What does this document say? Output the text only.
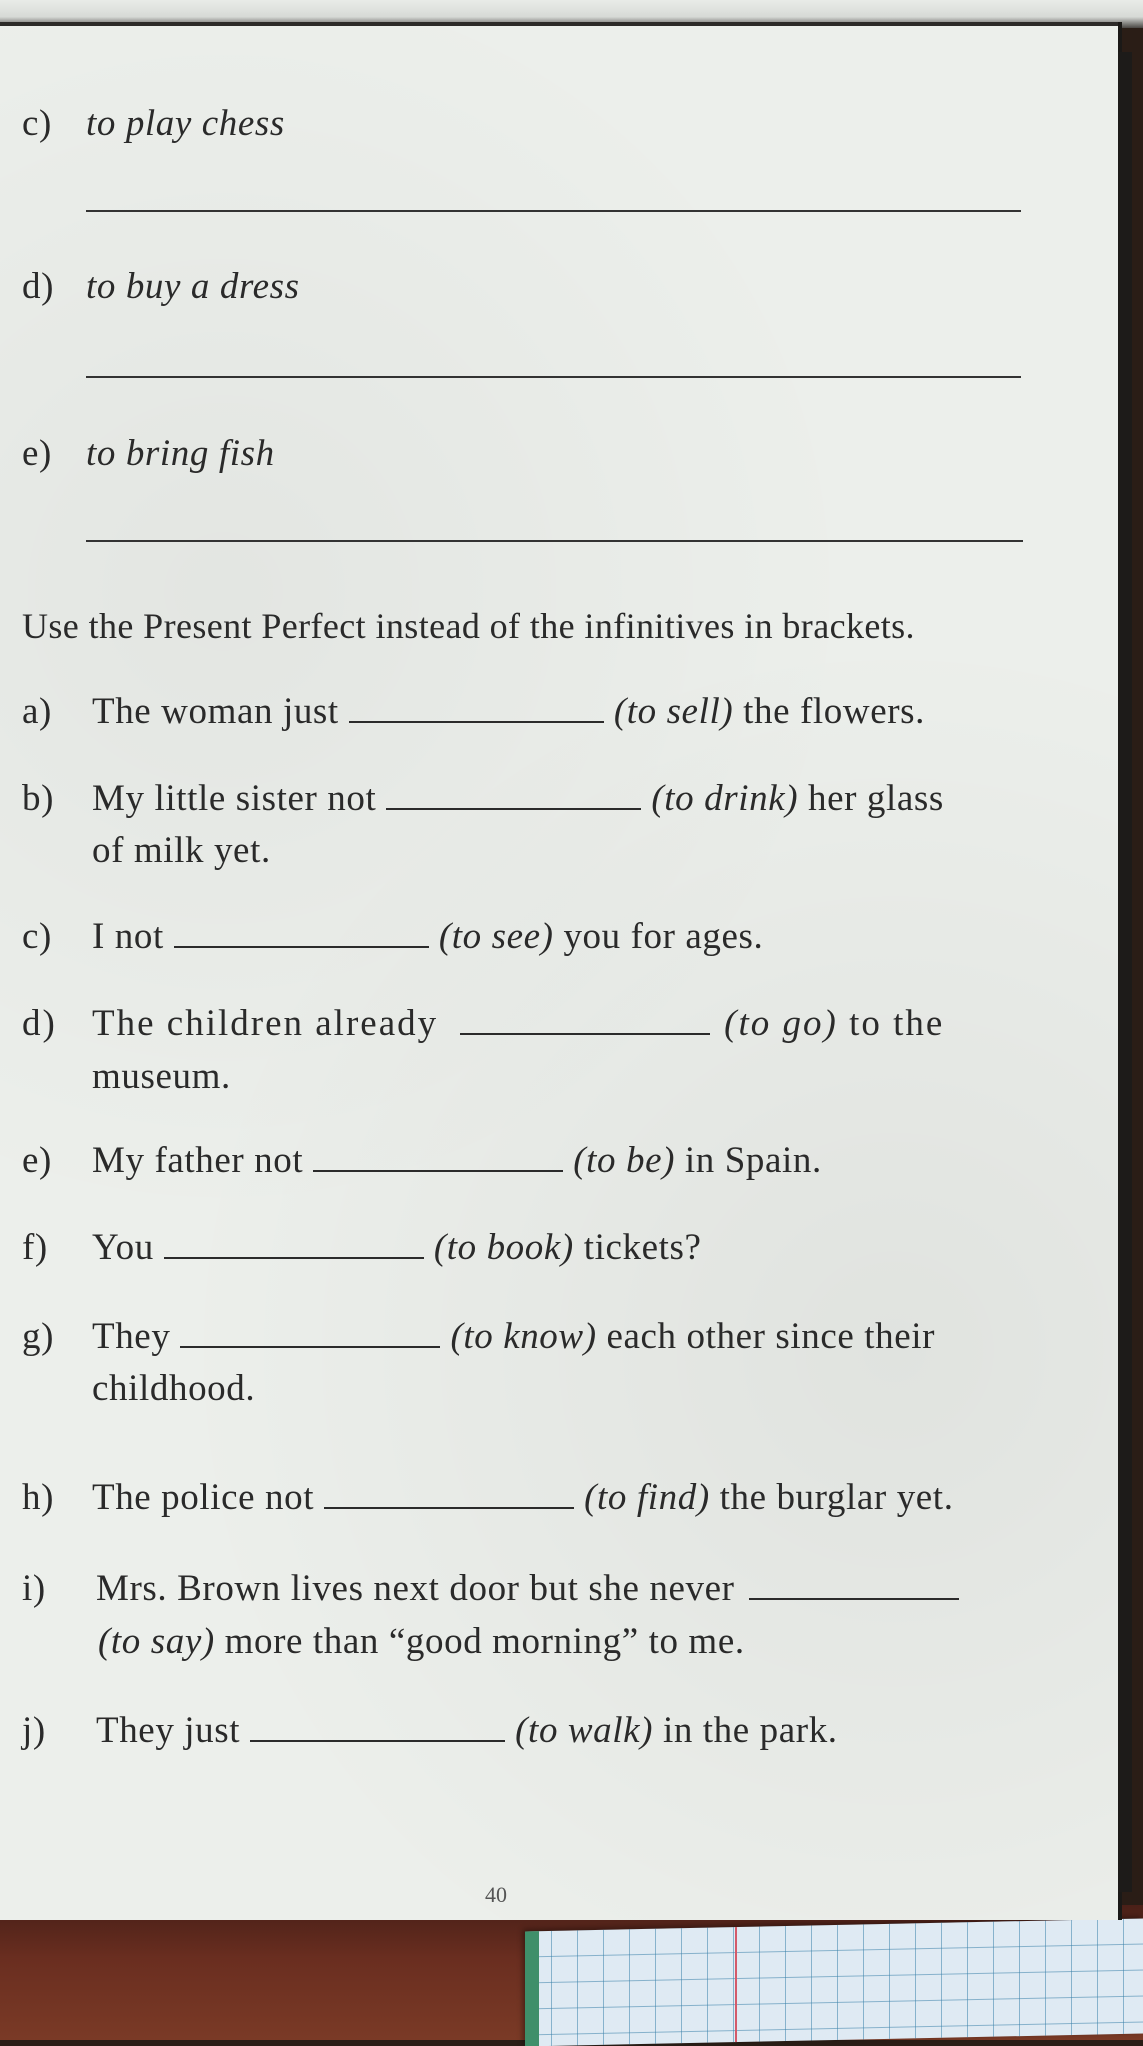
c) to play chess
d) to buy a dress
e) to bring fish
Use the Present Perfect instead of the infinitives in brackets.
a) The woman just	(to sell) the flowers.
b) My little sister not	(to drink) her glass
of milk yet.
c) I not	(to see) you for ages.
d) The children already	(to go) to the
museum.
e) My father not	(to be) in Spain.
f) You	(to book) tickets?
g) They	(to know) each other since their
childhood.
h) The police not	(to find) the burglar yet.
i) Mrs. Brown lives next door but she never
(to say) more than “good morning” to me.
j) They just	(to walk) in the park.
40
